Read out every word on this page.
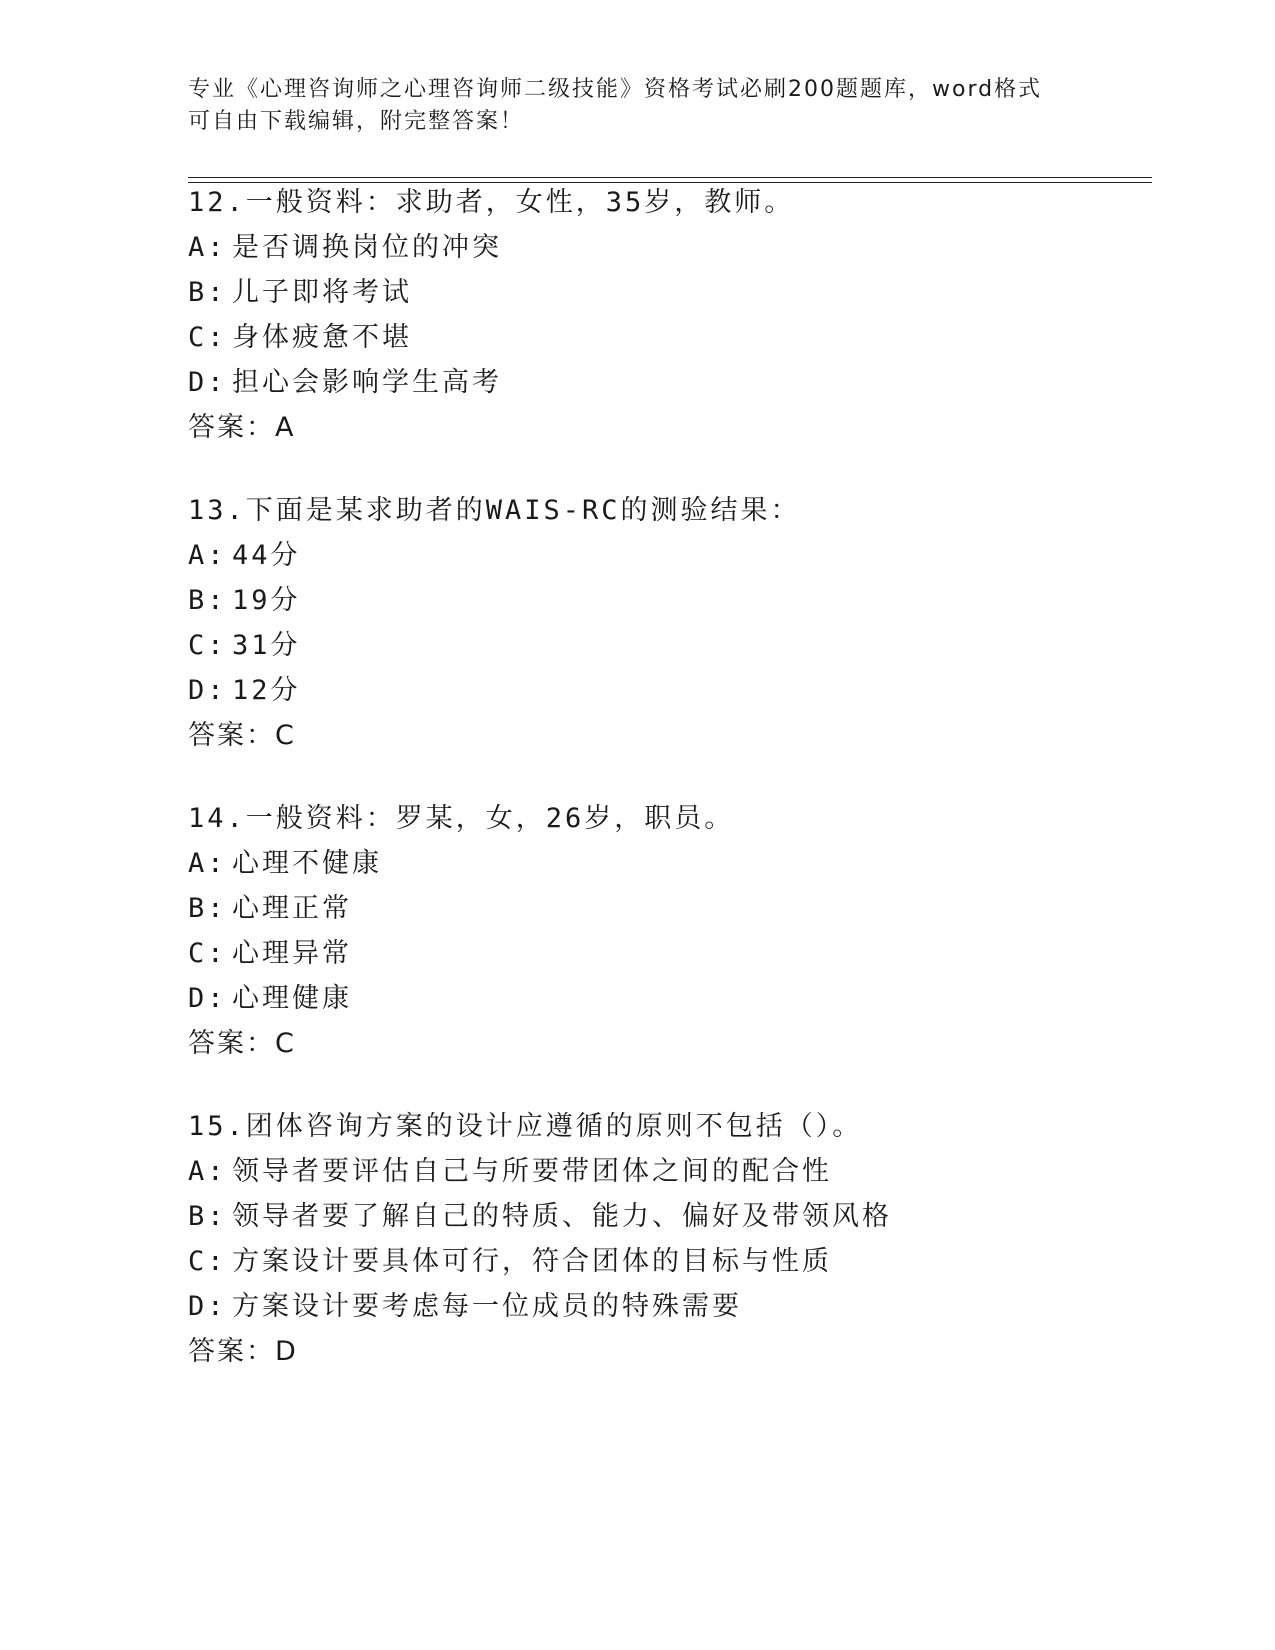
专业《心理咨询师之心理咨询师二级技能》资格考试必刷200题题库，word格式
可自由下载编辑，附完整答案！
12.一般资料：求助者，女性，35岁，教师。
A: 是否调换岗位的冲突
B: 儿子即将考试
C: 身体疲惫不堪
D: 担心会影响学生高考
答案：A
13.下面是某求助者的WAIS-RC的测验结果：
A: 44分
B: 19分
C: 31分
D: 12分
答案：C
14.一般资料：罗某，女，26岁，职员。
A: 心理不健康
B: 心理正常
C: 心理异常
D: 心理健康
答案：C
15.团体咨询方案的设计应遵循的原则不包括（）。
A: 领导者要评估自己与所要带团体之间的配合性
B: 领导者要了解自己的特质、能力、偏好及带领风格
C: 方案设计要具体可行，符合团体的目标与性质
D: 方案设计要考虑每一位成员的特殊需要
答案：D
